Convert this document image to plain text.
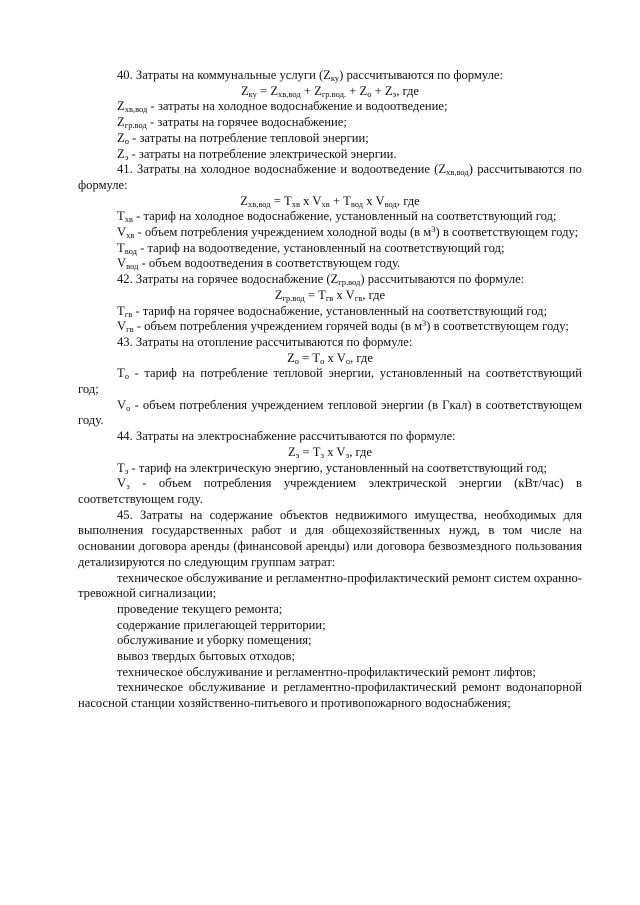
40. Затраты на коммунальные услуги $(Z_{ку})$ рассчитываются по формуле:

$Z_{ку} = Z_{хв,вод} + Z_{гр.вод.} + Z_о + Z_э$, где

$Z_{хв,вод}$ - затраты на холодное водоснабжение и водоотведение;

$Z_{гр.вод}$ - затраты на горячее водоснабжение;

$Z_о$ - затраты на потребление тепловой энергии;

$Z_э$ - затраты на потребление электрической энергии.

41. Затраты на холодное водоснабжение и водоотведение $(Z_{хв,вод})$ рассчитываются по формуле:

$Z_{хв,вод} = T_{хв}$ x $V_{хв} + T_{вод}$ x $V_{вод}$, где

$T_{хв}$ - тариф на холодное водоснабжение, установленный на соответствующий год;

$V_{хв}$ - объем потребления учреждением холодной воды (в $м^3$) в соответствующем году;

$T_{вод}$ - тариф на водоотведение, установленный на соответствующий год;

$V_{вод}$ - объем водоотведения в соответствующем году.

42. Затраты на горячее водоснабжение $(Z_{гр.вод})$ рассчитываются по формуле:

$Z_{гр.вод} = T_{гв}$ x $V_{гв}$, где

$T_{гв}$ - тариф на горячее водоснабжение, установленный на соответствующий год;

$V_{гв}$ - объем потребления учреждением горячей воды (в $м^3$) в соответствующем году;

43. Затраты на отопление рассчитываются по формуле:

$Z_о = T_о$ x $V_о$, где

$T_о$ - тариф на потребление тепловой энергии, установленный на соответствующий год;

$V_о$ - объем потребления учреждением тепловой энергии (в Гкал) в соответствующем году.

44. Затраты на электроснабжение рассчитываются по формуле:

$Z_э = T_э$ x $V_э$, где

$T_э$ - тариф на электрическую энергию, установленный на соответствующий год;

$V_э$ - объем потребления учреждением электрической энергии (кВт/час) в соответствующем году.

45. Затраты на содержание объектов недвижимого имущества, необходимых для выполнения государственных работ и для общехозяйственных нужд, в том числе на основании договора аренды (финансовой аренды) или договора безвозмездного пользования детализируются по следующим группам затрат:

техническое обслуживание и регламентно-профилактический ремонт систем охранно-тревожной сигнализации;

проведение текущего ремонта;

содержание прилегающей территории;

обслуживание и уборку помещения;

вывоз твердых бытовых отходов;

техническое обслуживание и регламентно-профилактический ремонт лифтов;

техническое обслуживание и регламентно-профилактический ремонт водонапорной насосной станции хозяйственно-питьевого и противопожарного водоснабжения;
